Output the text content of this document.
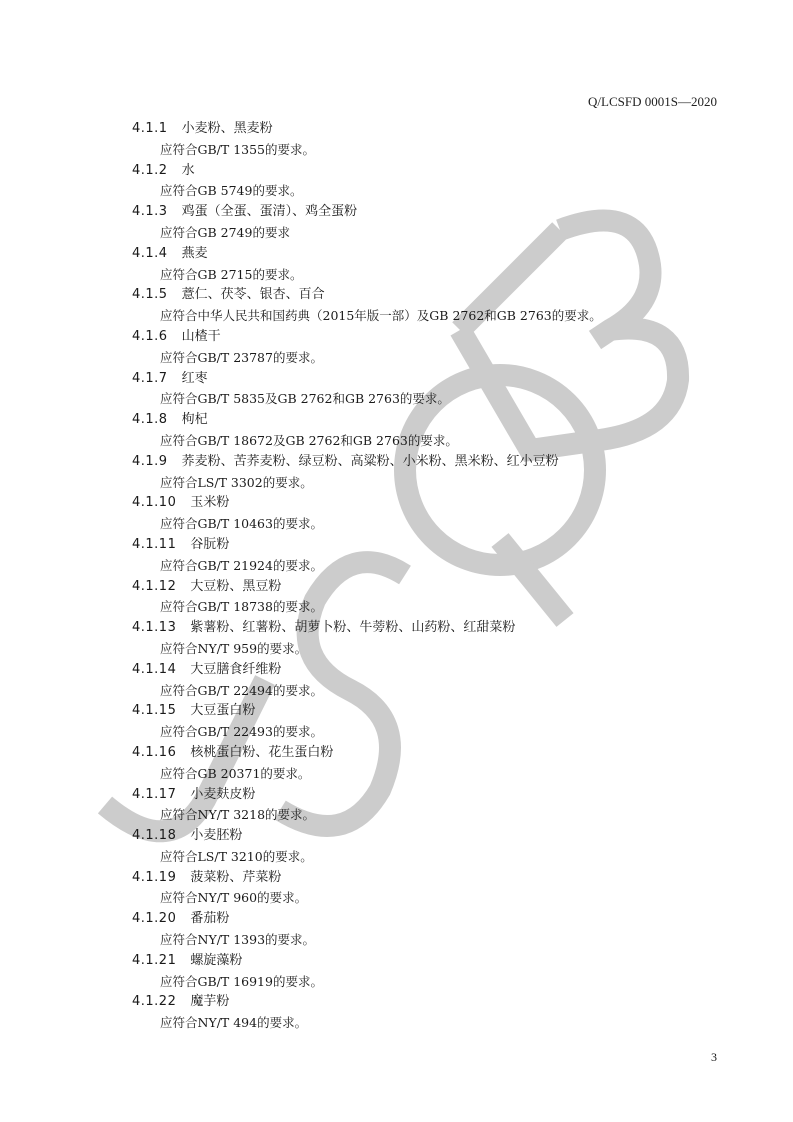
Q/LCSFD 0001S—2020
4.1.1 小麦粉、黑麦粉
应符合GB/T 1355的要求。
4.1.2 水
应符合GB 5749的要求。
4.1.3 鸡蛋（全蛋、蛋清）、鸡全蛋粉
应符合GB 2749的要求
4.1.4 燕麦
应符合GB 2715的要求。
4.1.5 薏仁、茯苓、银杏、百合
应符合中华人民共和国药典（2015年版一部）及GB 2762和GB 2763的要求。
4.1.6 山楂干
应符合GB/T 23787的要求。
4.1.7 红枣
应符合GB/T 5835及GB 2762和GB 2763的要求。
4.1.8 枸杞
应符合GB/T 18672及GB 2762和GB 2763的要求。
4.1.9 荞麦粉、苦荞麦粉、绿豆粉、高粱粉、小米粉、黑米粉、红小豆粉
应符合LS/T 3302的要求。
4.1.10 玉米粉
应符合GB/T 10463的要求。
4.1.11 谷朊粉
应符合GB/T 21924的要求。
4.1.12 大豆粉、黑豆粉
应符合GB/T 18738的要求。
4.1.13 紫薯粉、红薯粉、胡萝卜粉、牛蒡粉、山药粉、红甜菜粉
应符合NY/T 959的要求。
4.1.14 大豆膳食纤维粉
应符合GB/T 22494的要求。
4.1.15 大豆蛋白粉
应符合GB/T 22493的要求。
4.1.16 核桃蛋白粉、花生蛋白粉
应符合GB 20371的要求。
4.1.17 小麦麸皮粉
应符合NY/T 3218的要求。
4.1.18 小麦胚粉
应符合LS/T 3210的要求。
4.1.19 菠菜粉、芹菜粉
应符合NY/T 960的要求。
4.1.20 番茄粉
应符合NY/T 1393的要求。
4.1.21 螺旋藻粉
应符合GB/T 16919的要求。
4.1.22 魔芋粉
应符合NY/T 494的要求。
3
